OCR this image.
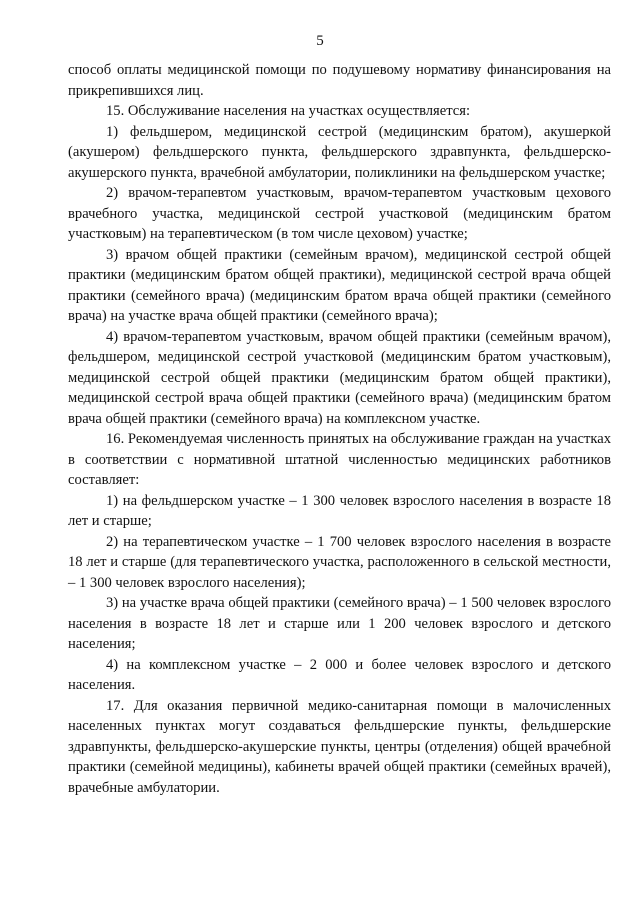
5

способ оплаты медицинской помощи по подушевому нормативу финансирования на прикрепившихся лиц.

15. Обслуживание населения на участках осуществляется:

1) фельдшером, медицинской сестрой (медицинским братом), акушеркой (акушером) фельдшерского пункта, фельдшерского здравпункта, фельдшерско-акушерского пункта, врачебной амбулатории, поликлиники на фельдшерском участке;

2) врачом-терапевтом участковым, врачом-терапевтом участковым цехового врачебного участка, медицинской сестрой участковой (медицинским братом участковым) на терапевтическом (в том числе цеховом) участке;

3) врачом общей практики (семейным врачом), медицинской сестрой общей практики (медицинским братом общей практики), медицинской сестрой врача общей практики (семейного врача) (медицинским братом врача общей практики (семейного врача) на участке врача общей практики (семейного врача);

4) врачом-терапевтом участковым, врачом общей практики (семейным врачом), фельдшером, медицинской сестрой участковой (медицинским братом участковым), медицинской сестрой общей практики (медицинским братом общей практики), медицинской сестрой врача общей практики (семейного врача) (медицинским братом врача общей практики (семейного врача) на комплексном участке.

16. Рекомендуемая численность принятых на обслуживание граждан на участках в соответствии с нормативной штатной численностью медицинских работников составляет:

1) на фельдшерском участке – 1 300 человек взрослого населения в возрасте 18 лет и старше;

2) на терапевтическом участке – 1 700 человек взрослого населения в возрасте 18 лет и старше (для терапевтического участка, расположенного в сельской местности, – 1 300 человек взрослого населения);

3) на участке врача общей практики (семейного врача) – 1 500 человек взрослого населения в возрасте 18 лет и старше или 1 200 человек взрослого и детского населения;

4) на комплексном участке – 2 000 и более человек взрослого и детского населения.

17. Для оказания первичной медико-санитарная помощи в малочисленных населенных пунктах могут создаваться фельдшерские пункты, фельдшерские здравпункты, фельдшерско-акушерские пункты, центры (отделения) общей врачебной практики (семейной медицины), кабинеты врачей общей практики (семейных врачей), врачебные амбулатории.
